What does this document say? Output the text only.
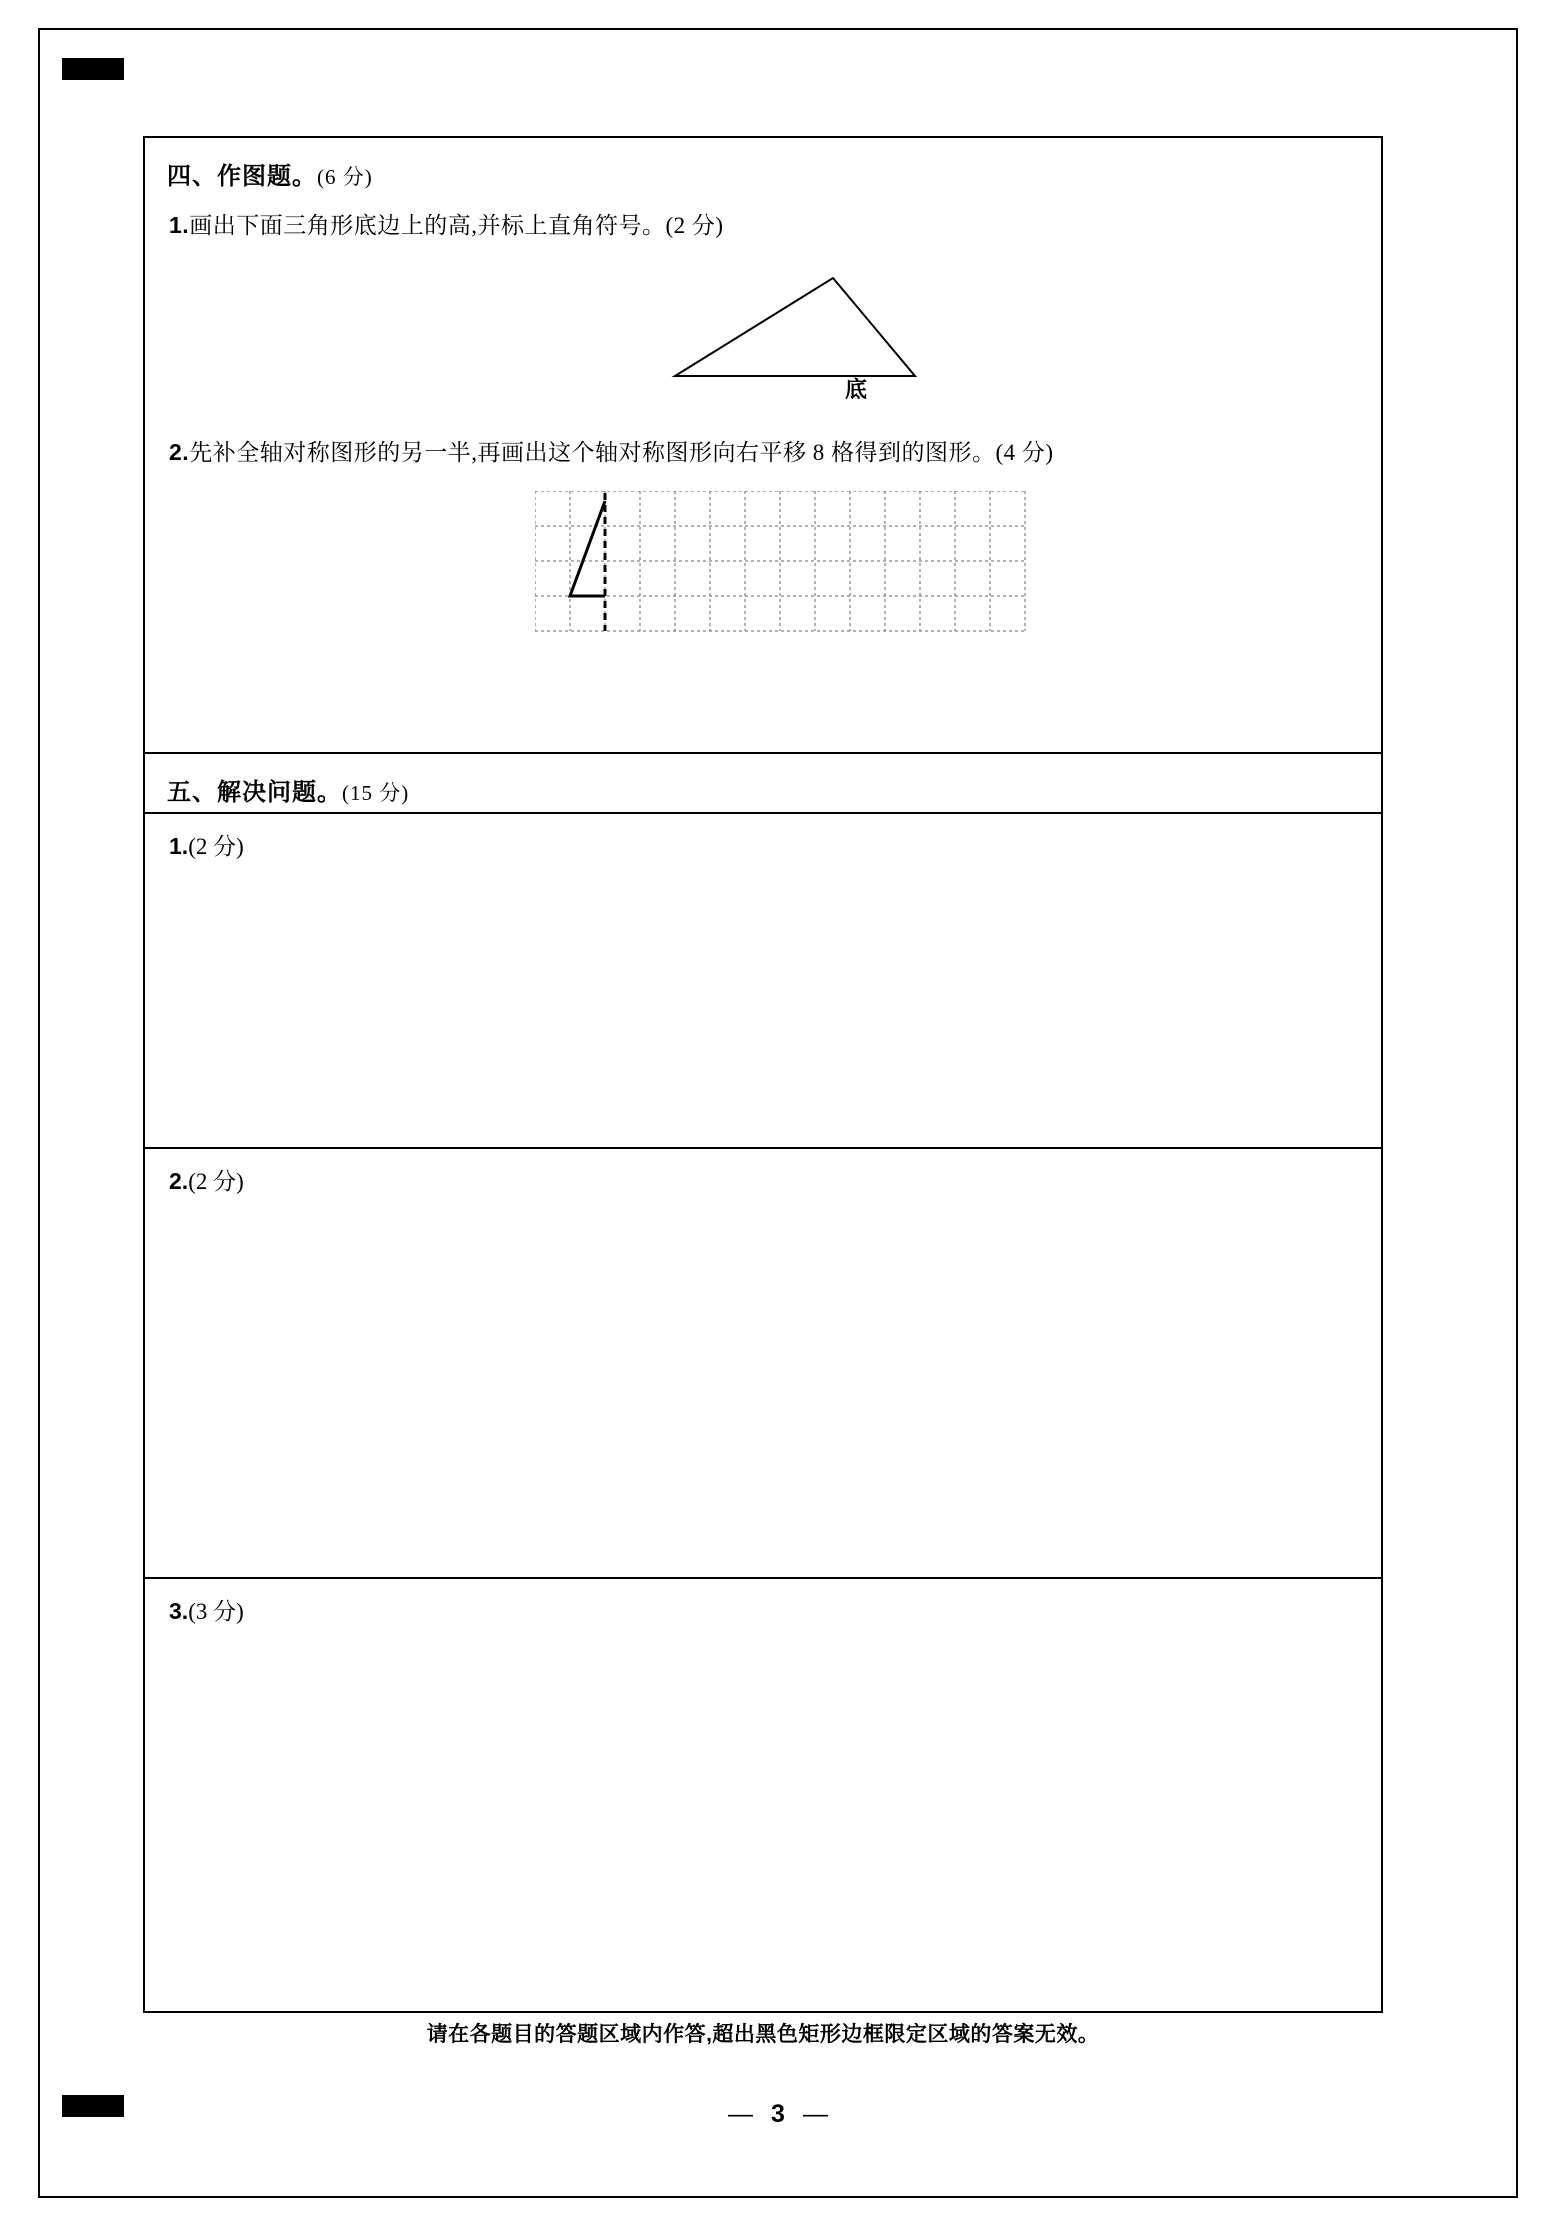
四、作图题。(6 分)
1.画出下面三角形底边上的高,并标上直角符号。(2 分)
底
2.先补全轴对称图形的另一半,再画出这个轴对称图形向右平移 8 格得到的图形。(4 分)
五、解决问题。(15 分)
1.(2 分)
2.(2 分)
3.(3 分)
请在各题目的答题区域内作答,超出黑色矩形边框限定区域的答案无效。
— 3 —
